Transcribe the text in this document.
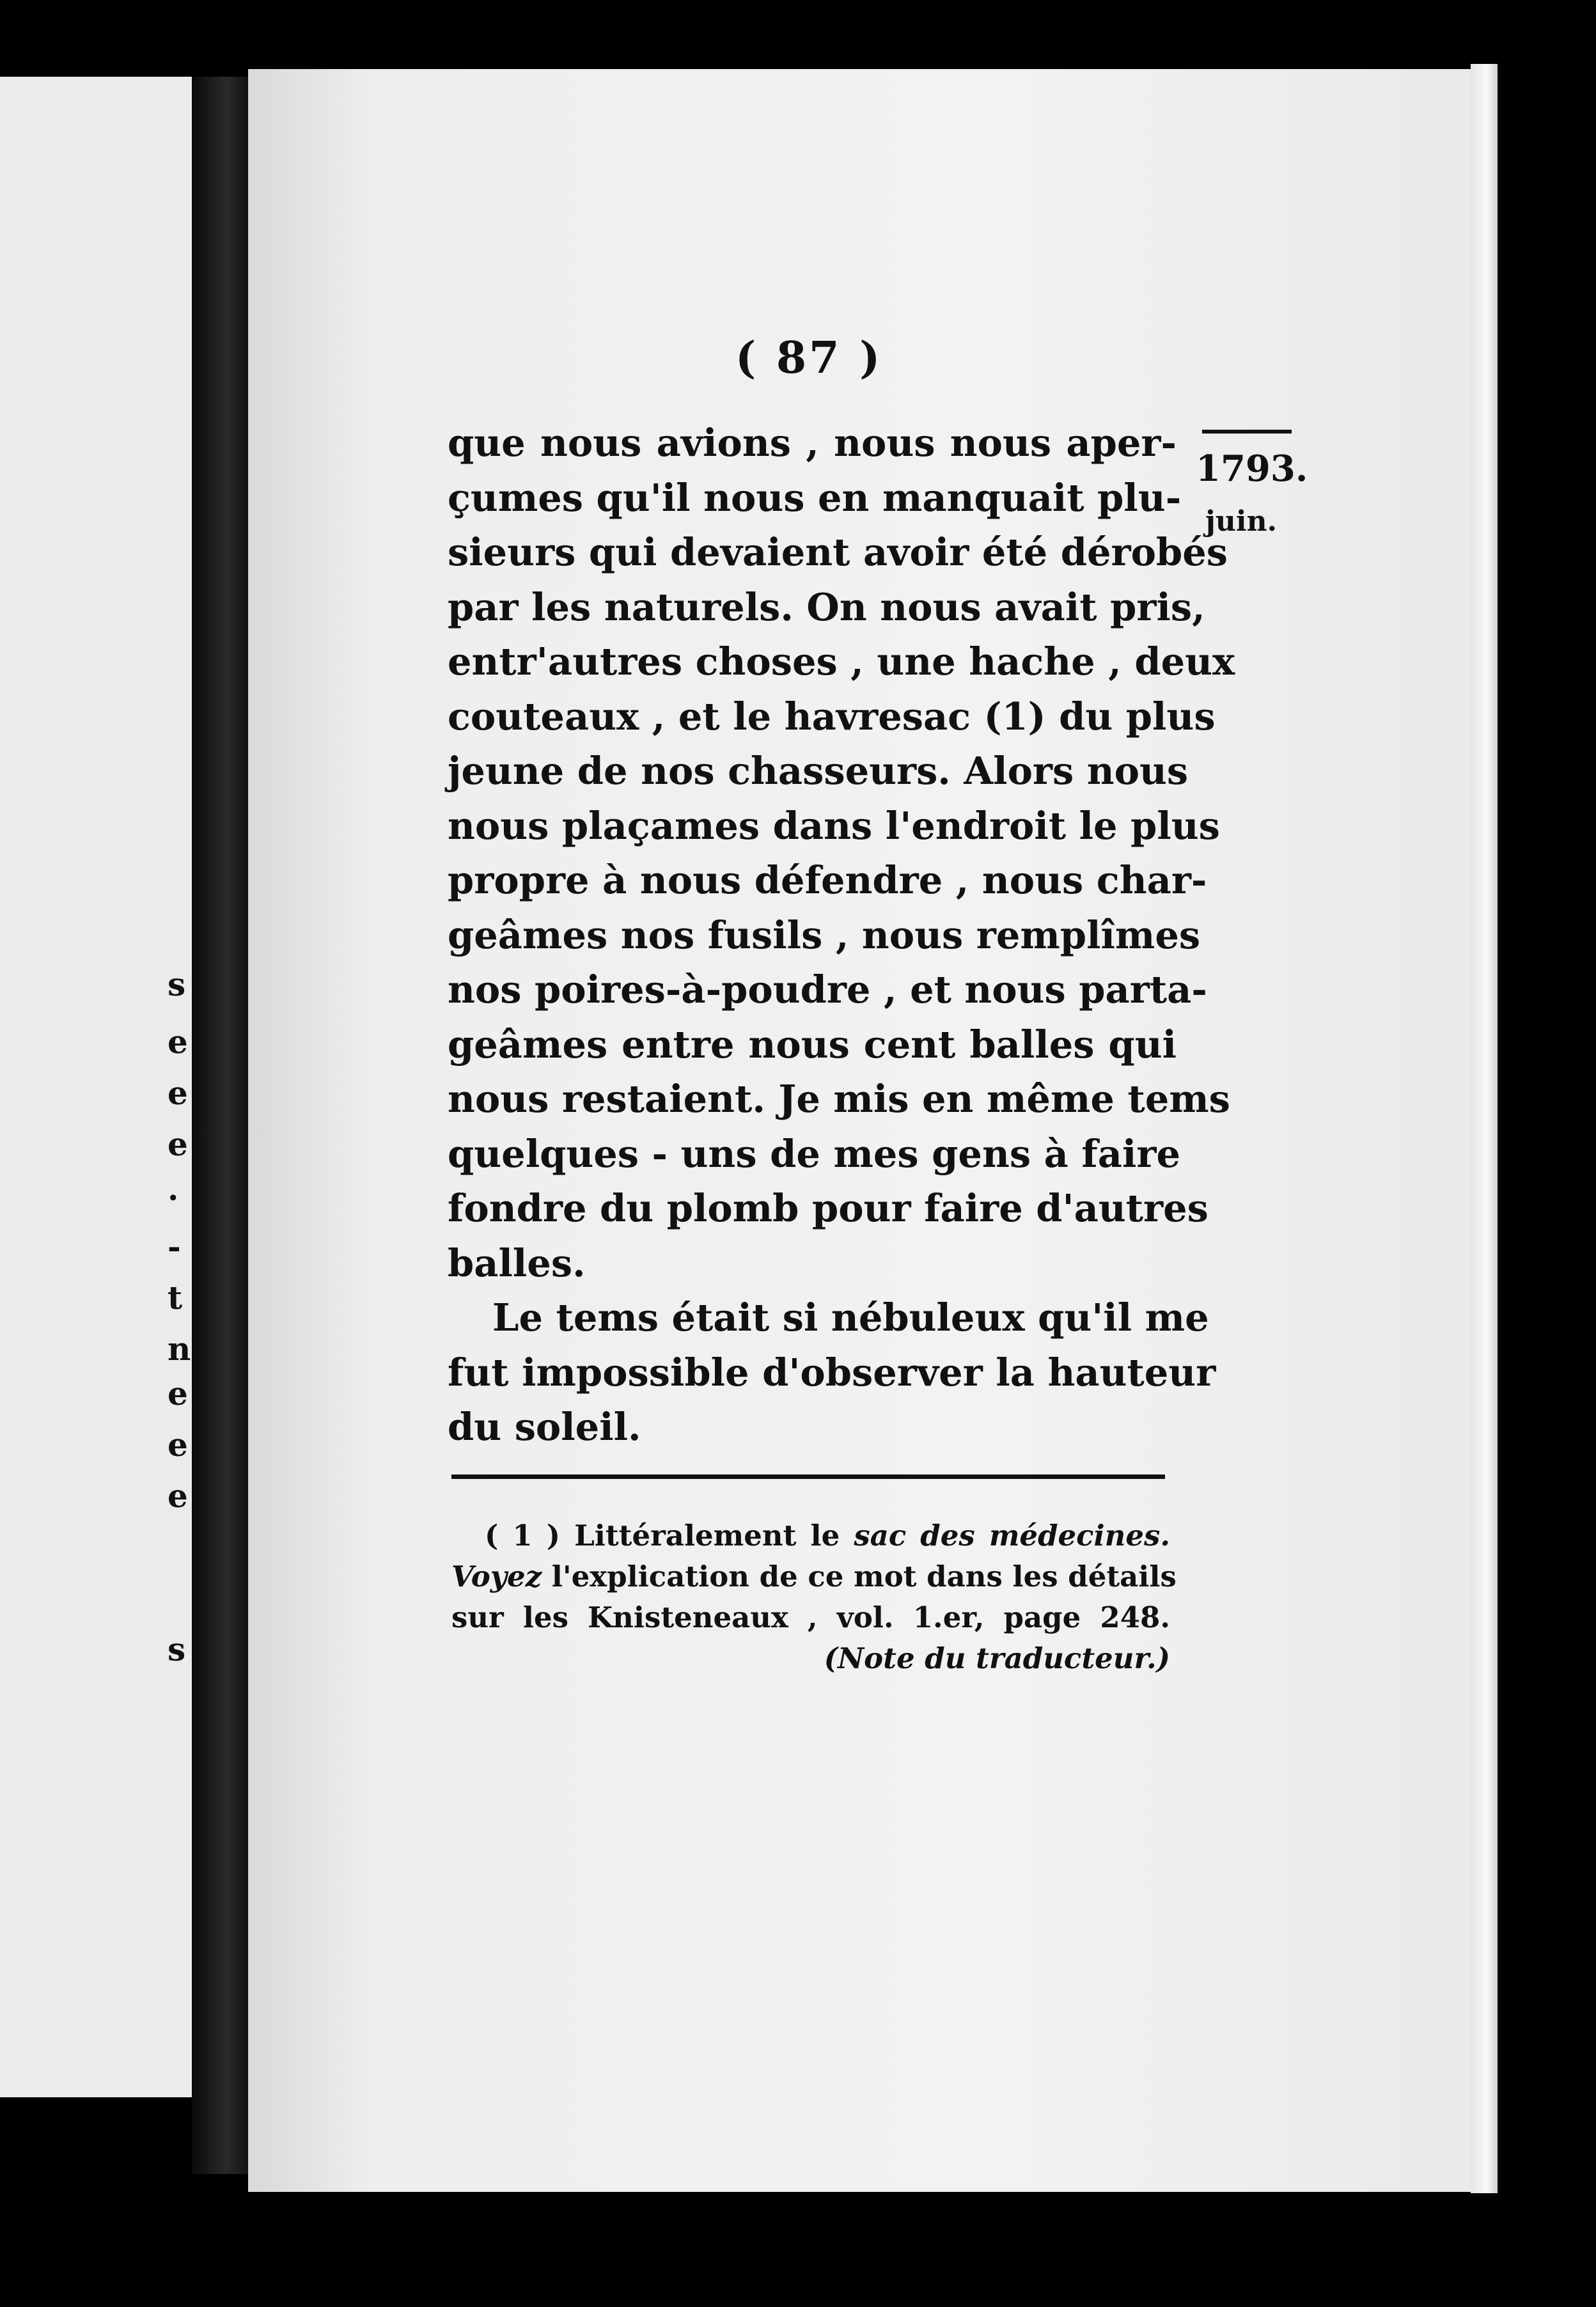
s
e
e
e
.
-
t
n
e
e
e
s
( 87 )
1793.
juin.
que nous avions , nous nous aper-
çumes qu'il nous en manquait plu-
sieurs qui devaient avoir été dérobés
par les naturels. On nous avait pris,
entr'autres choses , une hache , deux
couteaux , et le havresac (1) du plus
jeune de nos chasseurs. Alors nous
nous plaçames dans l'endroit le plus
propre à nous défendre , nous char-
geâmes nos fusils , nous remplîmes
nos poires-à-poudre , et nous parta-
geâmes entre nous cent balles qui
nous restaient. Je mis en même tems
quelques - uns de mes gens à faire
fondre du plomb pour faire d'autres
balles.
Le tems était si nébuleux qu'il me
fut impossible d'observer la hauteur
du soleil.
( 1 ) Littéralement le sac des médecines.
Voyez l'explication de ce mot dans les détails
sur les Knisteneaux , vol. 1.er, page 248.
(Note du traducteur.)
